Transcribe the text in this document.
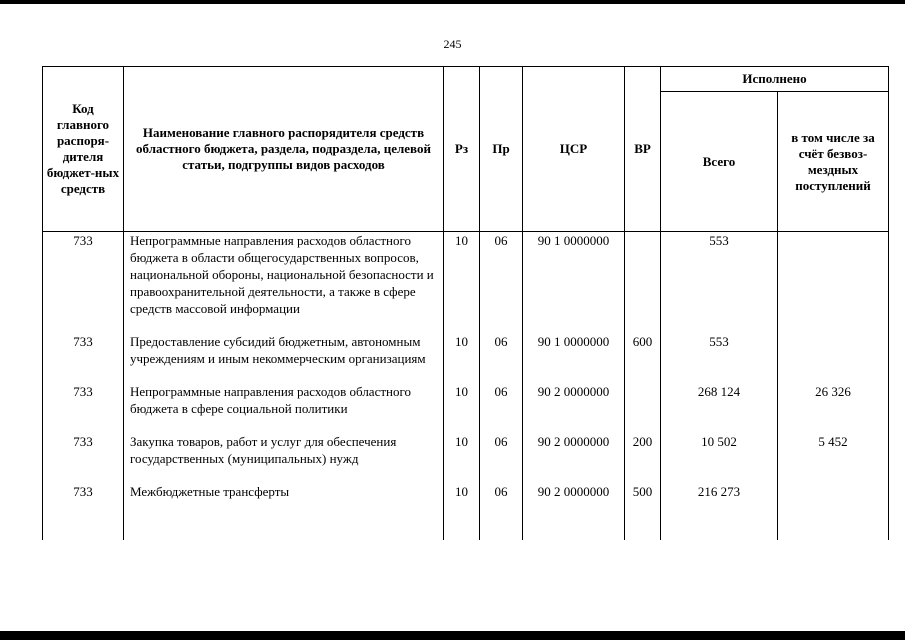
245
Код главного распоря-дителя бюджет-ных средств	Наименование главного распорядителя средств областного бюджета, раздела, подраздела, целевой статьи, подгруппы видов расходов	Рз	Пр	ЦСР	ВР	Исполнено	
						Всего	в том числе за счёт безвоз-мездных поступлений
733	Непрограммные направления расходов областного бюджета в области общегосударственных вопросов, национальной обороны, национальной безопасности и правоохранительной деятельности, а также в сфере средств массовой информации	10	06	90 1 0000000		553	
733	Предоставление субсидий бюджетным, автономным учреждениям и иным некоммерческим организациям	10	06	90 1 0000000	600	553	
733	Непрограммные направления расходов областного бюджета в сфере социальной политики	10	06	90 2 0000000		268 124	26 326
733	Закупка товаров, работ и услуг для обеспечения государственных (муниципальных) нужд	10	06	90 2 0000000	200	10 502	5 452
733	Межбюджетные трансферты	10	06	90 2 0000000	500	216 273	
